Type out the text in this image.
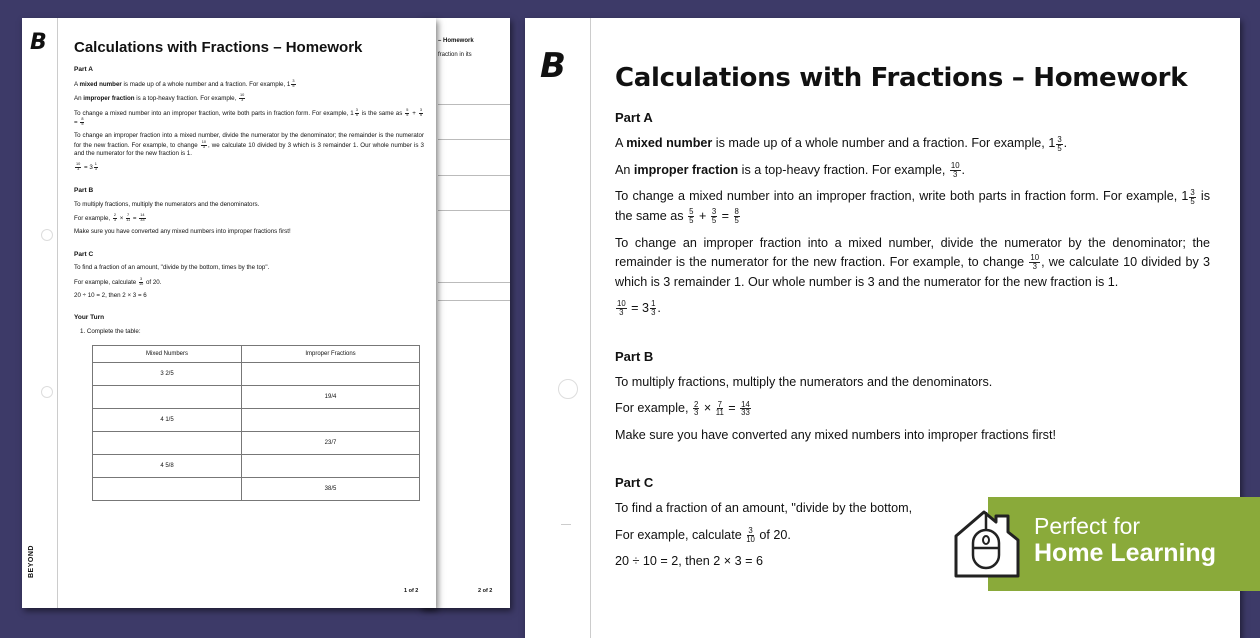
– Homework
fraction in its
2 of 2
B
BEYOND
Calculations with Fractions – Homework
Part A

A mixed number is made up of a whole number and a fraction. For example, $1 \frac{3}{5}$

An improper fraction is a top-heavy fraction. For example, $\frac{10}{3}$

To change a mixed number into an improper fraction, write both parts in fraction form. For example, $1 \frac{3}{5}$ is the same as $\frac{5}{5} + \frac{3}{5}$
= $\frac{8}{5}$

To change an improper fraction into a mixed number, divide the numerator by the denominator; the remainder is the numerator for the new fraction. For example, to change $\frac{10}{3}$ , we calculate 10 divided by 3 which is 3 remainder 1. Our whole number is 3 and the numerator for the new fraction is 1.

$\frac{10}{3} = 3 \frac{1}{3}$

Part B

To multiply fractions, multiply the numerators and the denominators.

For example, $\frac{2}{3} \times \frac{7}{11} = \frac{14}{33}$

Make sure you have converted any mixed numbers into improper fractions first!

Part C

To find a fraction of an amount, "divide by the bottom, times by the top".

For example, calculate $\frac{3}{10}$ of 20.

20 ÷ 10 = 2, then 2 × 3 = 6

Your Turn

1. Complete the table:

Mixed Numbers	Improper Fractions
3 2/5	
	19/4
4 1/5	
	23/7
4 5/8	
	38/5
1 of 2
B Calculations with Fractions – Homework
Part A

A mixed number is made up of a whole number and a fraction. For example, $1 \frac{3}{5}$ .

An improper fraction is a top-heavy fraction. For example, $\frac{10}{3}$ .

To change a mixed number into an improper fraction, write both parts in fraction form. For example, $1 \frac{3}{5}$ is the same as $\frac{5}{5} + \frac{3}{5} = \frac{8}{5}$

To change an improper fraction into a mixed number, divide the numerator by the denominator; the remainder is the numerator for the new fraction. For example, to change $\frac{10}{3}$ , we calculate 10 divided by 3 which is 3 remainder 1. Our whole number is 3 and the numerator for the new fraction is 1.

$\frac{10}{3} = 3 \frac{1}{3}$ .

Part B

To multiply fractions, multiply the numerators and the denominators.

For example, $\frac{2}{3} \times \frac{7}{11} = \frac{14}{33}$

Make sure you have converted any mixed numbers into improper fractions first!

Part C

To find a fraction of an amount, "divide by the bottom,

For example, calculate $\frac{3}{10}$ of 20.

20 ÷ 10 = 2, then 2 × 3 = 6

Perfect for
Home Learning
